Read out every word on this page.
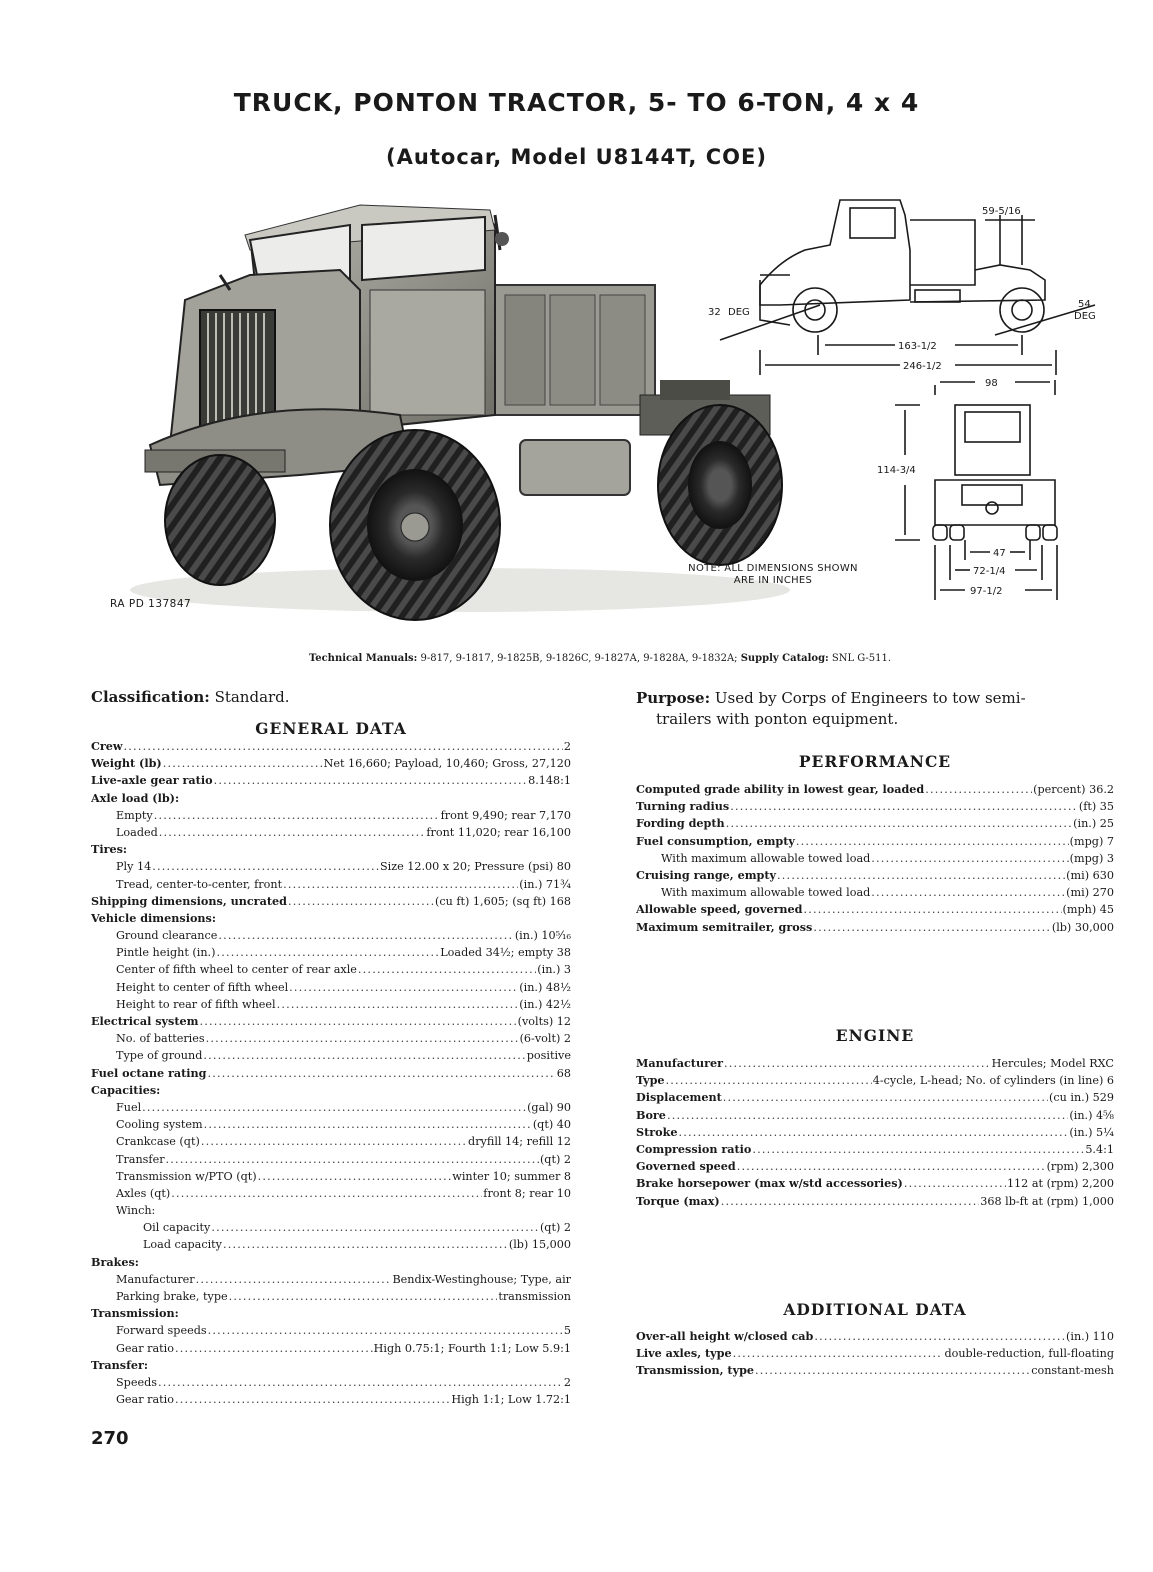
TRUCK, PONTON TRACTOR, 5- TO 6-TON, 4 x 4
(Autocar, Model U8144T, COE)
RA PD 137847
59-5/16
32 DEG
54
DEG
163-1/2
246-1/2
98
114-3/4
47
72-1/4
97-1/2
NOTE: ALL DIMENSIONS SHOWN
ARE IN INCHES
Technical Manuals: 9-817, 9-1817, 9-1825B, 9-1826C, 9-1827A, 9-1828A, 9-1832A; Supply Catalog: SNL G-511.
Classification: Standard.	Purpose: Used by Corps of Engineers to tow semi-
trailers with ponton equipment.
GENERAL DATA
Crew .....	2
Weight (lb) .....	Net 16,660; Payload, 10,460; Gross, 27,120
Live-axle gear ratio .....	8.148:1
Axle load (lb):
Empty .....	front 9,490; rear 7,170
Loaded .....	front 11,020; rear 16,100
Tires:
Ply 14 .....	Size 12.00 x 20; Pressure (psi) 80
Tread, center-to-center, front .....	(in.) 71¾
Shipping dimensions, uncrated .....	(cu ft) 1,605; (sq ft) 168
Vehicle dimensions:
Ground clearance .....	(in.) 10⁵⁄₁₆
Pintle height (in.) .....	Loaded 34½; empty 38
Center of fifth wheel to center of rear axle .....	(in.) 3
Height to center of fifth wheel .....	(in.) 48½
Height to rear of fifth wheel .....	(in.) 42½
Electrical system .....	(volts) 12
No. of batteries .....	(6-volt) 2
Type of ground .....	positive
Fuel octane rating .....	68
Capacities:
Fuel .....	(gal) 90
Cooling system .....	(qt) 40
Crankcase (qt) .....	dryfill 14; refill 12
Transfer .....	(qt) 2
Transmission w/PTO (qt) .....	winter 10; summer 8
Axles (qt) .....	front 8; rear 10
Winch:
Oil capacity .....	(qt) 2
Load capacity .....	(lb) 15,000
Brakes:
Manufacturer .....	Bendix-Westinghouse; Type, air
Parking brake, type .....	transmission
Transmission:
Forward speeds .....	5
Gear ratio .....	High 0.75:1; Fourth 1:1; Low 5.9:1
Transfer:
Speeds .....	2
Gear ratio .....	High 1:1; Low 1.72:1
PERFORMANCE
Computed grade ability in lowest gear, loaded .....	(percent) 36.2
Turning radius .....	(ft) 35
Fording depth .....	(in.) 25
Fuel consumption, empty .....	(mpg) 7
With maximum allowable towed load .....	(mpg) 3
Cruising range, empty .....	(mi) 630
With maximum allowable towed load .....	(mi) 270
Allowable speed, governed .....	(mph) 45
Maximum semitrailer, gross .....	(lb) 30,000
ENGINE
Manufacturer .....	Hercules; Model RXC
Type .....	4-cycle, L-head; No. of cylinders (in line) 6
Displacement .....	(cu in.) 529
Bore .....	(in.) 4⅝
Stroke .....	(in.) 5¼
Compression ratio .....	5.4:1
Governed speed .....	(rpm) 2,300
Brake horsepower (max w/std accessories) .....	112 at (rpm) 2,200
Torque (max) .....	368 lb-ft at (rpm) 1,000
ADDITIONAL DATA
Over-all height w/closed cab .....	(in.) 110
Live axles, type .....	double-reduction, full-floating
Transmission, type .....	constant-mesh
270
